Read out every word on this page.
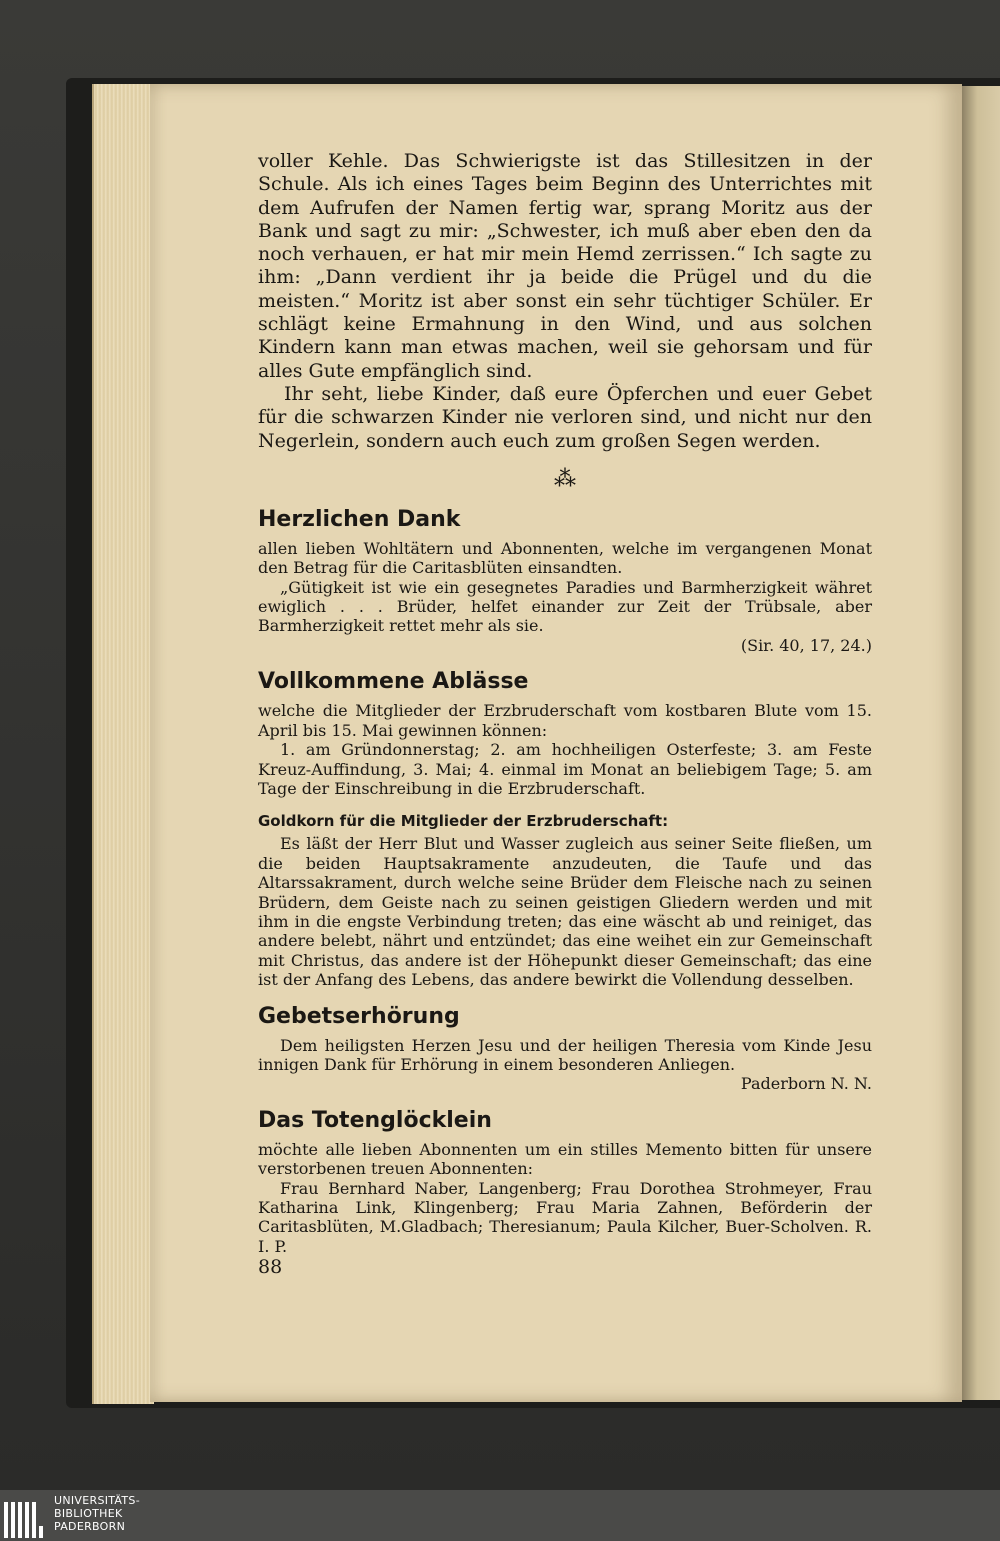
voller Kehle. Das Schwierigste ist das Stillesitzen in der Schule. Als ich eines Tages beim Beginn des Unterrichtes mit dem Aufrufen der Namen fertig war, sprang Moritz aus der Bank und sagt zu mir: „Schwester, ich muß aber eben den da noch verhauen, er hat mir mein Hemd zerrissen.“ Ich sagte zu ihm: „Dann verdient ihr ja beide die Prügel und du die meisten.“ Moritz ist aber sonst ein sehr tüchtiger Schüler. Er schlägt keine Ermahnung in den Wind, und aus solchen Kindern kann man etwas machen, weil sie gehorsam und für alles Gute empfänglich sind.

Ihr seht, liebe Kinder, daß eure Öpferchen und euer Gebet für die schwarzen Kinder nie verloren sind, und nicht nur den Negerlein, sondern auch euch zum großen Segen werden.

⁂
Herzlichen Dank

allen lieben Wohltätern und Abonnenten, welche im vergangenen Monat den Betrag für die Caritasblüten einsandten.

„Gütigkeit ist wie ein gesegnetes Paradies und Barmherzigkeit währet ewiglich . . . Brüder, helfet einander zur Zeit der Trübsale, aber Barmherzigkeit rettet mehr als sie.

(Sir. 40, 17, 24.)

Vollkommene Ablässe

welche die Mitglieder der Erzbruderschaft vom kostbaren Blute vom 15. April bis 15. Mai gewinnen können:

1. am Gründonnerstag; 2. am hochheiligen Osterfeste; 3. am Feste Kreuz-Auffindung, 3. Mai; 4. einmal im Monat an beliebigem Tage; 5. am Tage der Einschreibung in die Erzbruderschaft.

Goldkorn für die Mitglieder der Erzbruderschaft:

Es läßt der Herr Blut und Wasser zugleich aus seiner Seite fließen, um die beiden Hauptsakramente anzudeuten, die Taufe und das Altarssakrament, durch welche seine Brüder dem Fleische nach zu seinen Brüdern, dem Geiste nach zu seinen geistigen Gliedern werden und mit ihm in die engste Verbindung treten; das eine wäscht ab und reiniget, das andere belebt, nährt und entzündet; das eine weihet ein zur Gemeinschaft mit Christus, das andere ist der Höhepunkt dieser Gemeinschaft; das eine ist der Anfang des Lebens, das andere bewirkt die Vollendung desselben.

Gebetserhörung

Dem heiligsten Herzen Jesu und der heiligen Theresia vom Kinde Jesu innigen Dank für Erhörung in einem besonderen Anliegen.

Paderborn N. N.

Das Totenglöcklein

möchte alle lieben Abonnenten um ein stilles Memento bitten für unsere verstorbenen treuen Abonnenten:

Frau Bernhard Naber, Langenberg; Frau Dorothea Strohmeyer, Frau Katharina Link, Klingenberg; Frau Maria Zahnen, Beförderin der Caritasblüten, M.Gladbach; Theresianum; Paula Kilcher, Buer-Scholven. R. I. P.

88
UNIVERSITÄTS-
BIBLIOTHEK
PADERBORN
